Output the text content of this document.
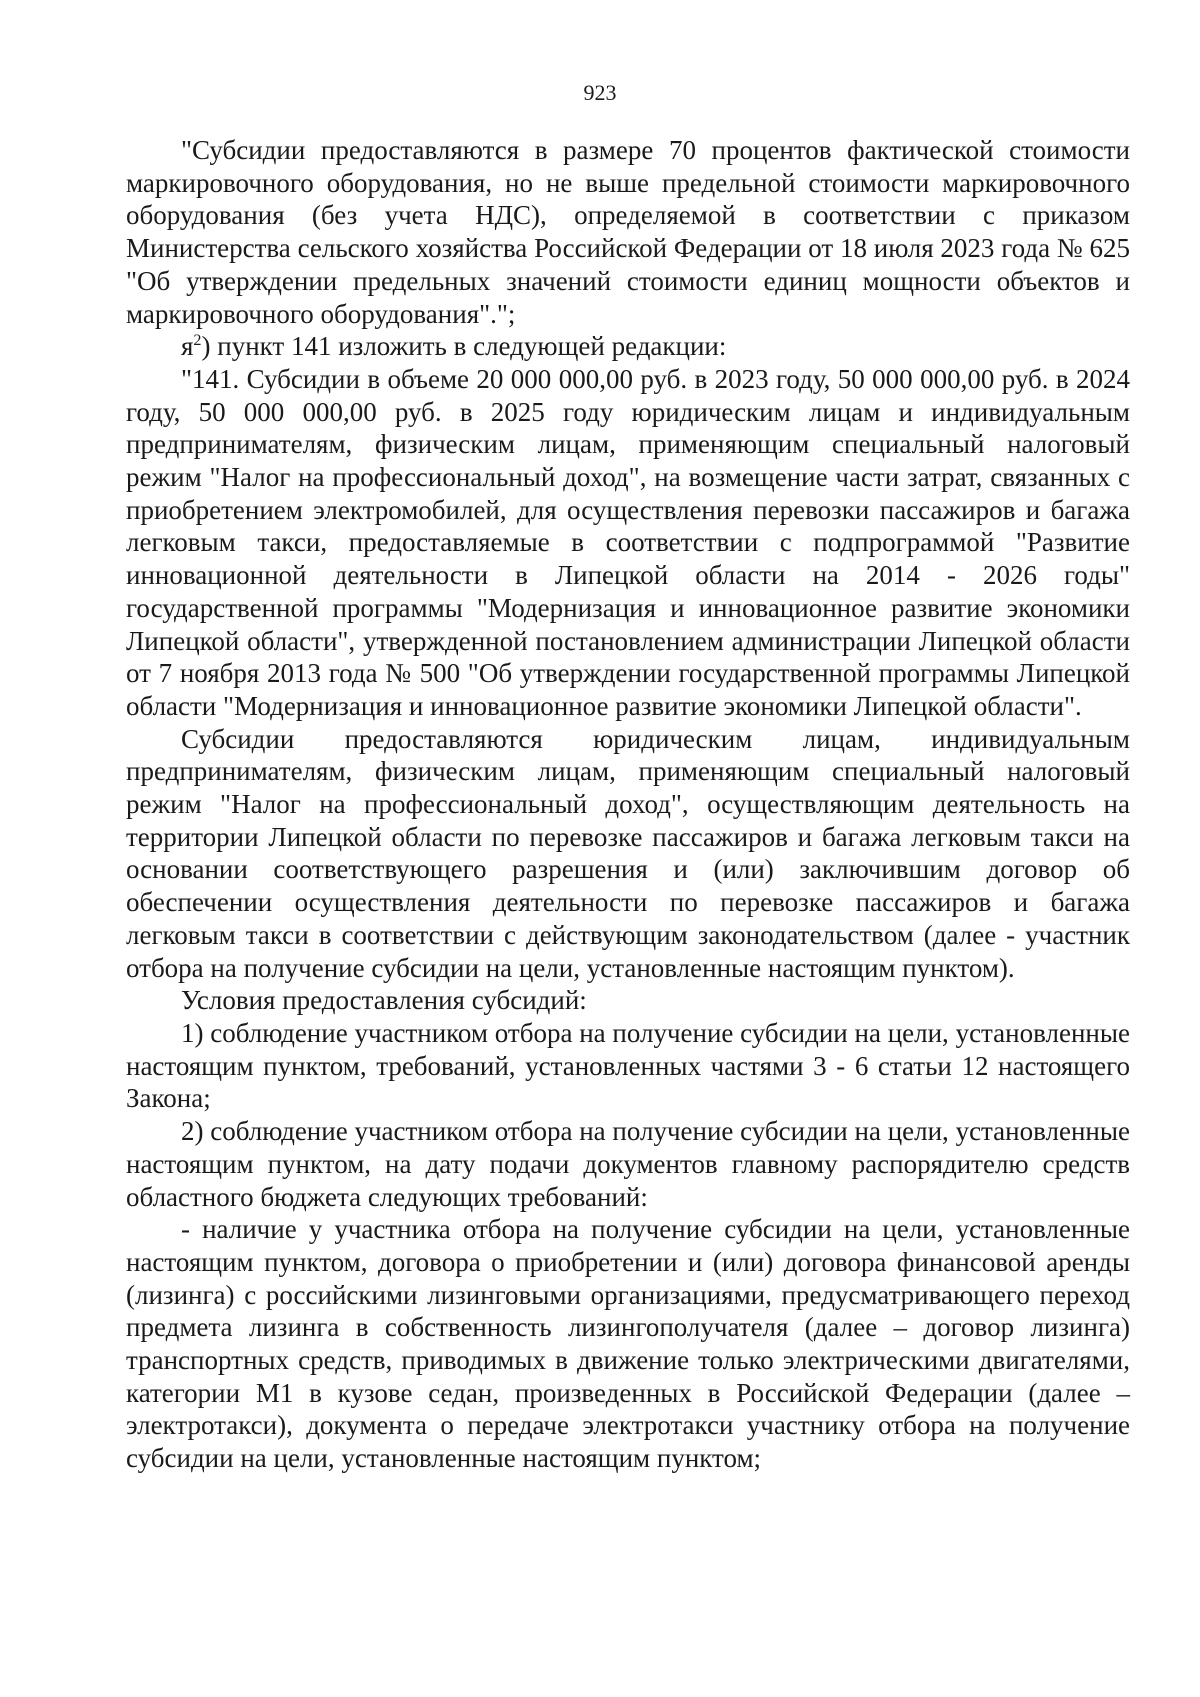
923

"Субсидии предоставляются в размере 70 процентов фактической стоимости маркировочного оборудования, но не выше предельной стоимости маркировочного оборудования (без учета НДС), определяемой в соответствии с приказом Министерства сельского хозяйства Российской Федерации от 18 июля 2023 года № 625 "Об утверждении предельных значений стоимости единиц мощности объектов и маркировочного оборудования".";

$я^2$) пункт 141 изложить в следующей редакции:

"141. Субсидии в объеме 20 000 000,00 руб. в 2023 году, 50 000 000,00 руб. в 2024 году, 50 000 000,00 руб. в 2025 году юридическим лицам и индивидуальным предпринимателям, физическим лицам, применяющим специальный налоговый режим "Налог на профессиональный доход", на возмещение части затрат, связанных с приобретением электромобилей, для осуществления перевозки пассажиров и багажа легковым такси, предоставляемые в соответствии с подпрограммой "Развитие инновационной деятельности в Липецкой области на 2014 - 2026 годы" государственной программы "Модернизация и инновационное развитие экономики Липецкой области", утвержденной постановлением администрации Липецкой области от 7 ноября 2013 года № 500 "Об утверждении государственной программы Липецкой области "Модернизация и инновационное развитие экономики Липецкой области".

Субсидии предоставляются юридическим лицам, индивидуальным предпринимателям, физическим лицам, применяющим специальный налоговый режим "Налог на профессиональный доход", осуществляющим деятельность на территории Липецкой области по перевозке пассажиров и багажа легковым такси на основании соответствующего разрешения и (или) заключившим договор об обеспечении осуществления деятельности по перевозке пассажиров и багажа легковым такси в соответствии с действующим законодательством (далее - участник отбора на получение субсидии на цели, установленные настоящим пунктом).

Условия предоставления субсидий:

1) соблюдение участником отбора на получение субсидии на цели, установленные настоящим пунктом, требований, установленных частями 3 - 6 статьи 12 настоящего Закона;

2) соблюдение участником отбора на получение субсидии на цели, установленные настоящим пунктом, на дату подачи документов главному распорядителю средств областного бюджета следующих требований:

- наличие у участника отбора на получение субсидии на цели, установленные настоящим пунктом, договора о приобретении и (или) договора финансовой аренды (лизинга) с российскими лизинговыми организациями, предусматривающего переход предмета лизинга в собственность лизингополучателя (далее – договор лизинга) транспортных средств, приводимых в движение только электрическими двигателями, категории М1 в кузове седан, произведенных в Российской Федерации (далее – электротакси), документа о передаче электротакси участнику отбора на получение субсидии на цели, установленные настоящим пунктом;
